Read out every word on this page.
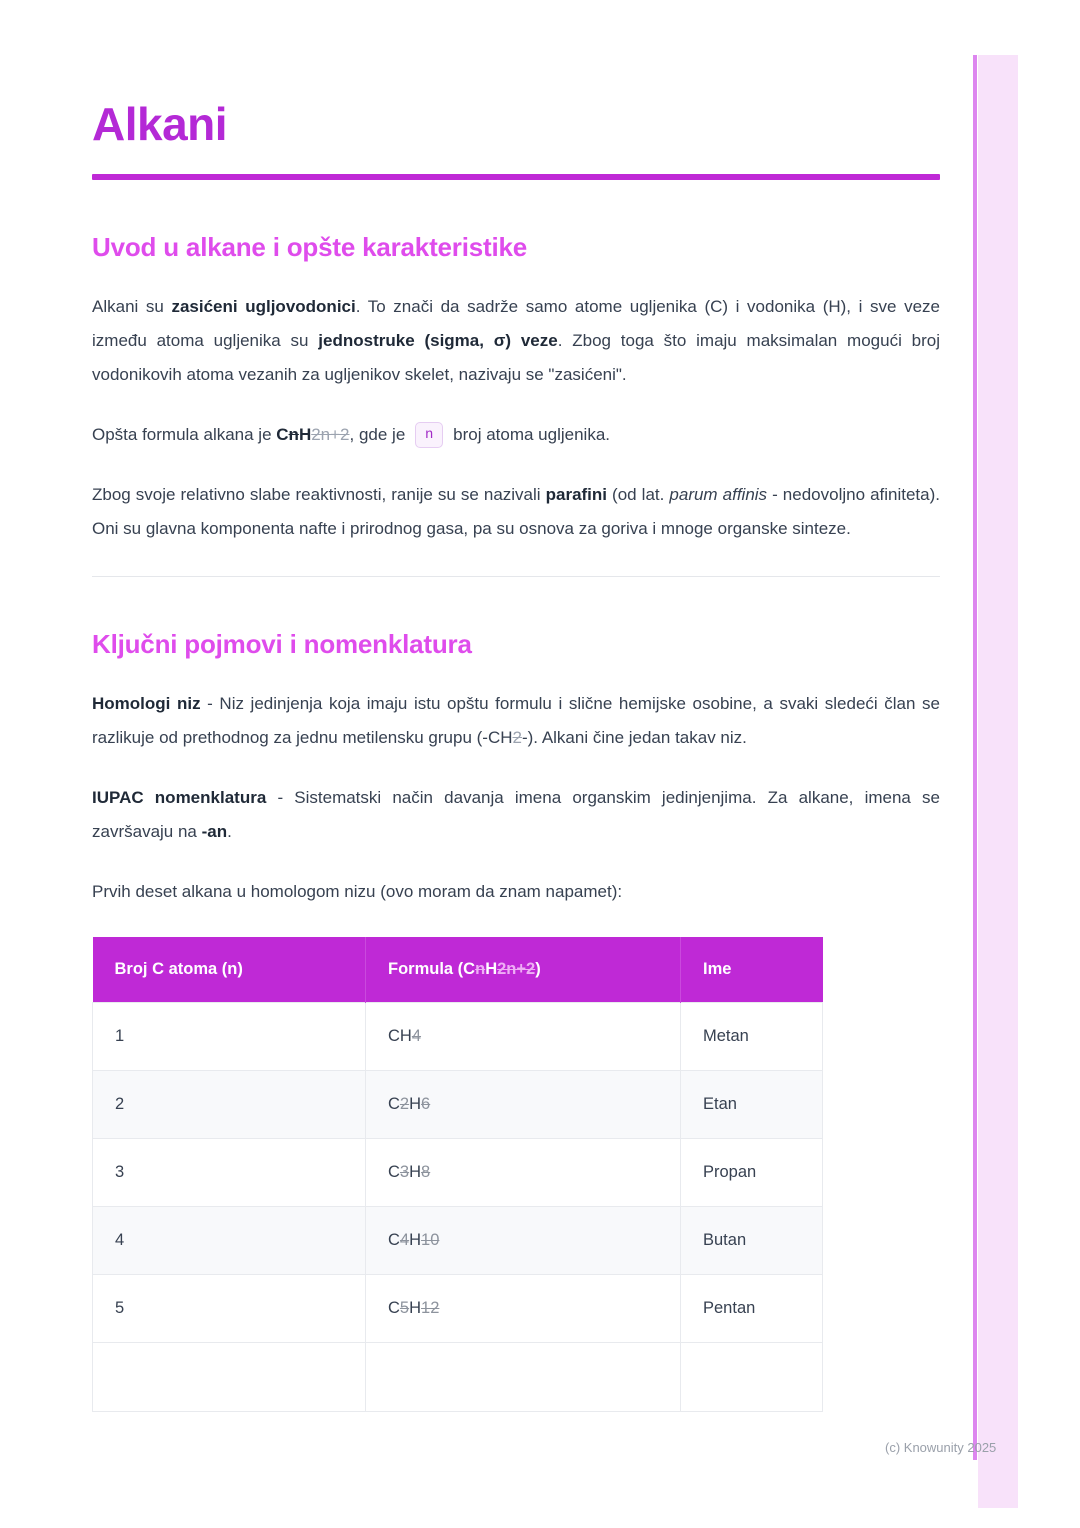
(c) Knowunity 2025
Alkani
Uvod u alkane i opšte karakteristike

Alkani su zasićeni ugljovodonici. To znači da sadrže samo atome ugljenika (C) i vodonika (H), i sve veze između atoma ugljenika su jednostruke (sigma, σ) veze. Zbog toga što imaju maksimalan mogući broj vodonikovih atoma vezanih za ugljenikov skelet, nazivaju se "zasićeni".

Opšta formula alkana je CnH2n+2, gde je n broj atoma ugljenika.

Zbog svoje relativno slabe reaktivnosti, ranije su se nazivali parafini (od lat. parum affinis - nedovoljno afiniteta). Oni su glavna komponenta nafte i prirodnog gasa, pa su osnova za goriva i mnoge organske sinteze.

Ključni pojmovi i nomenklatura

Homologi niz - Niz jedinjenja koja imaju istu opštu formulu i slične hemijske osobine, a svaki sledeći član se razlikuje od prethodnog za jednu metilensku grupu (-CH2-). Alkani čine jedan takav niz.

IUPAC nomenklatura - Sistematski način davanja imena organskim jedinjenjima. Za alkane, imena se završavaju na -an.

Prvih deset alkana u homologom nizu (ovo moram da znam napamet):

Broj C atoma (n)	Formula (CnH2n+2)	Ime
1	CH4	Metan
2	C2H6	Etan
3	C3H8	Propan
4	C4H10	Butan
5	C5H12	Pentan
